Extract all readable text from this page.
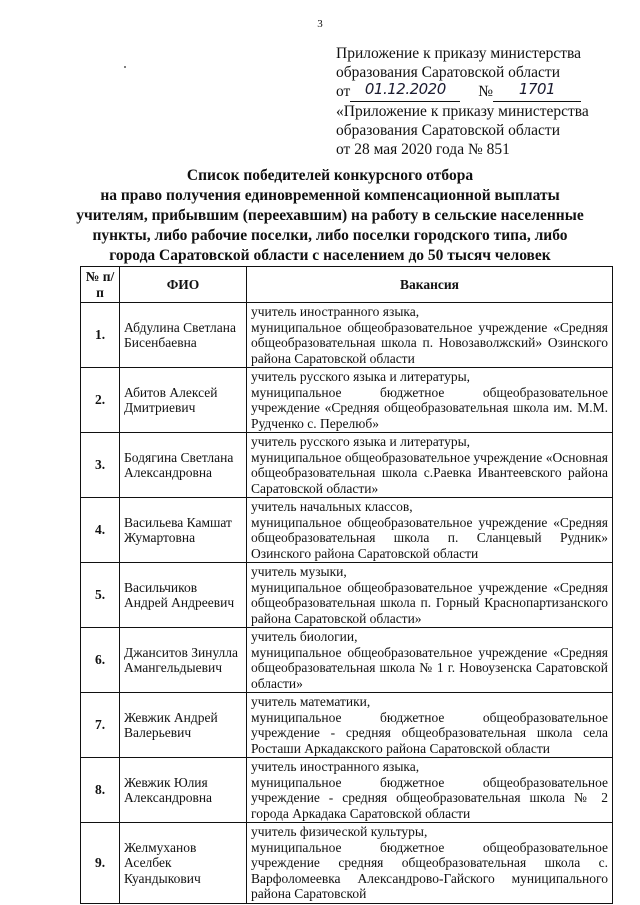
3
Приложение к приказу министерства
образования Саратовской области
от 01.12.2020 № 1701
«Приложение к приказу министерства
образования Саратовской области
от 28 мая 2020 года № 851
Список победителей конкурсного отбора
на право получения единовременной компенсационной выплаты
учителям, прибывшим (переехавшим) на работу в сельские населенные
пункты, либо рабочие поселки, либо поселки городского типа, либо
города Саратовской области с населением до 50 тысяч человек
№ п/п	ФИО	Вакансия
1.	Абдулина Светлана Бисенбаевна	учитель иностранного языка,
муниципальное общеобразовательное учреждение «Средняя общеобразовательная школа п. Новозаволжский» Озинского района Саратовской области
2.	Абитов Алексей Дмитриевич	учитель русского языка и литературы,
муниципальное бюджетное общеобразовательное учреждение «Средняя общеобразовательная школа им. М.М. Рудченко с. Перелюб»
3.	Бодягина Светлана Александровна	учитель русского языка и литературы,
муниципальное общеобразовательное учреждение «Основная общеобразовательная школа с.Раевка Ивантеевского района Саратовской области»
4.	Васильева Камшат Жумартовна	учитель начальных классов,
муниципальное общеобразовательное учреждение «Средняя общеобразовательная школа п. Сланцевый Рудник» Озинского района Саратовской области
5.	Васильчиков Андрей Андреевич	учитель музыки,
муниципальное общеобразовательное учреждение «Средняя общеобразовательная школа п. Горный Краснопартизанского района Саратовской области»
6.	Джанситов Зинулла Амангельдыевич	учитель биологии,
муниципальное общеобразовательное учреждение «Средняя общеобразовательная школа № 1 г. Новоузенска Саратовской области»
7.	Жевжик Андрей Валерьевич	учитель математики,
муниципальное бюджетное общеобразовательное учреждение - средняя общеобразовательная школа села Росташи Аркадакского района Саратовской области
8.	Жевжик Юлия Александровна	учитель иностранного языка,
муниципальное бюджетное общеобразовательное учреждение - средняя общеобразовательная школа № 2 города Аркадака Саратовской области
9.	Желмуханов Аселбек Куандыкович	учитель физической культуры,
муниципальное бюджетное общеобразовательное учреждение средняя общеобразовательная школа с. Варфоломеевка Александрово-Гайского муниципального района Саратовской
